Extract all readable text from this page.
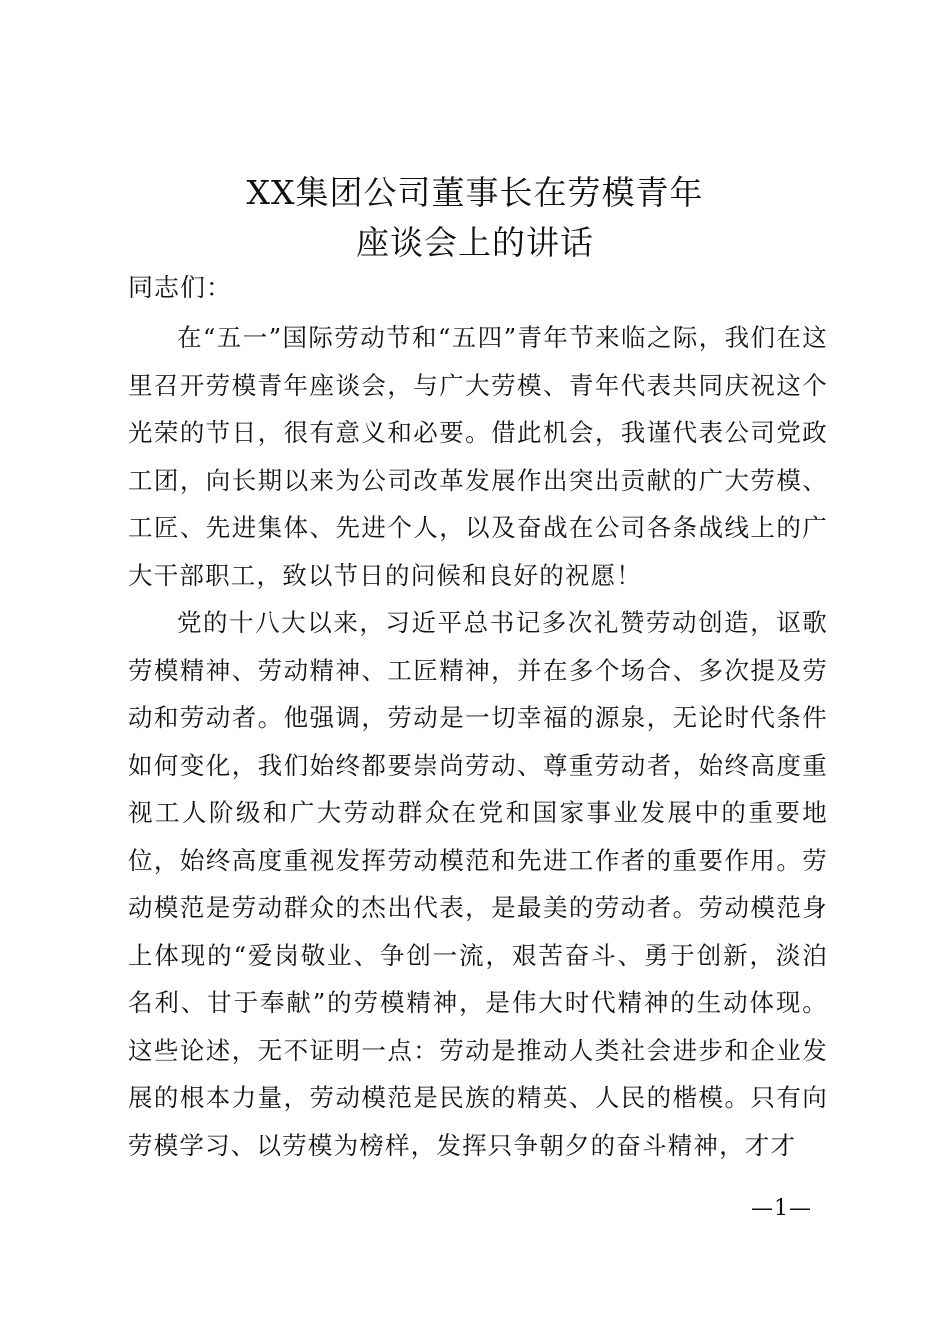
XX集团公司董事长在劳模青年
座谈会上的讲话

同志们：

在“五一”国际劳动节和“五四”青年节来临之际，我们在这里召开劳模青年座谈会，与广大劳模、青年代表共同庆祝这个光荣的节日，很有意义和必要。借此机会，我谨代表公司党政工团，向长期以来为公司改革发展作出突出贡献的广大劳模、工匠、先进集体、先进个人，以及奋战在公司各条战线上的广大干部职工，致以节日的问候和良好的祝愿！

党的十八大以来，习近平总书记多次礼赞劳动创造，讴歌劳模精神、劳动精神、工匠精神，并在多个场合、多次提及劳动和劳动者。他强调，劳动是一切幸福的源泉，无论时代条件如何变化，我们始终都要崇尚劳动、尊重劳动者，始终高度重视工人阶级和广大劳动群众在党和国家事业发展中的重要地位，始终高度重视发挥劳动模范和先进工作者的重要作用。劳动模范是劳动群众的杰出代表，是最美的劳动者。劳动模范身上体现的“爱岗敬业、争创一流，艰苦奋斗、勇于创新，淡泊名利、甘于奉献”的劳模精神，是伟大时代精神的生动体现。这些论述，无不证明一点：劳动是推动人类社会进步和企业发展的根本力量，劳动模范是民族的精英、人民的楷模。只有向劳模学习、以劳模为榜样，发挥只争朝夕的奋斗精神，才才

—1—
